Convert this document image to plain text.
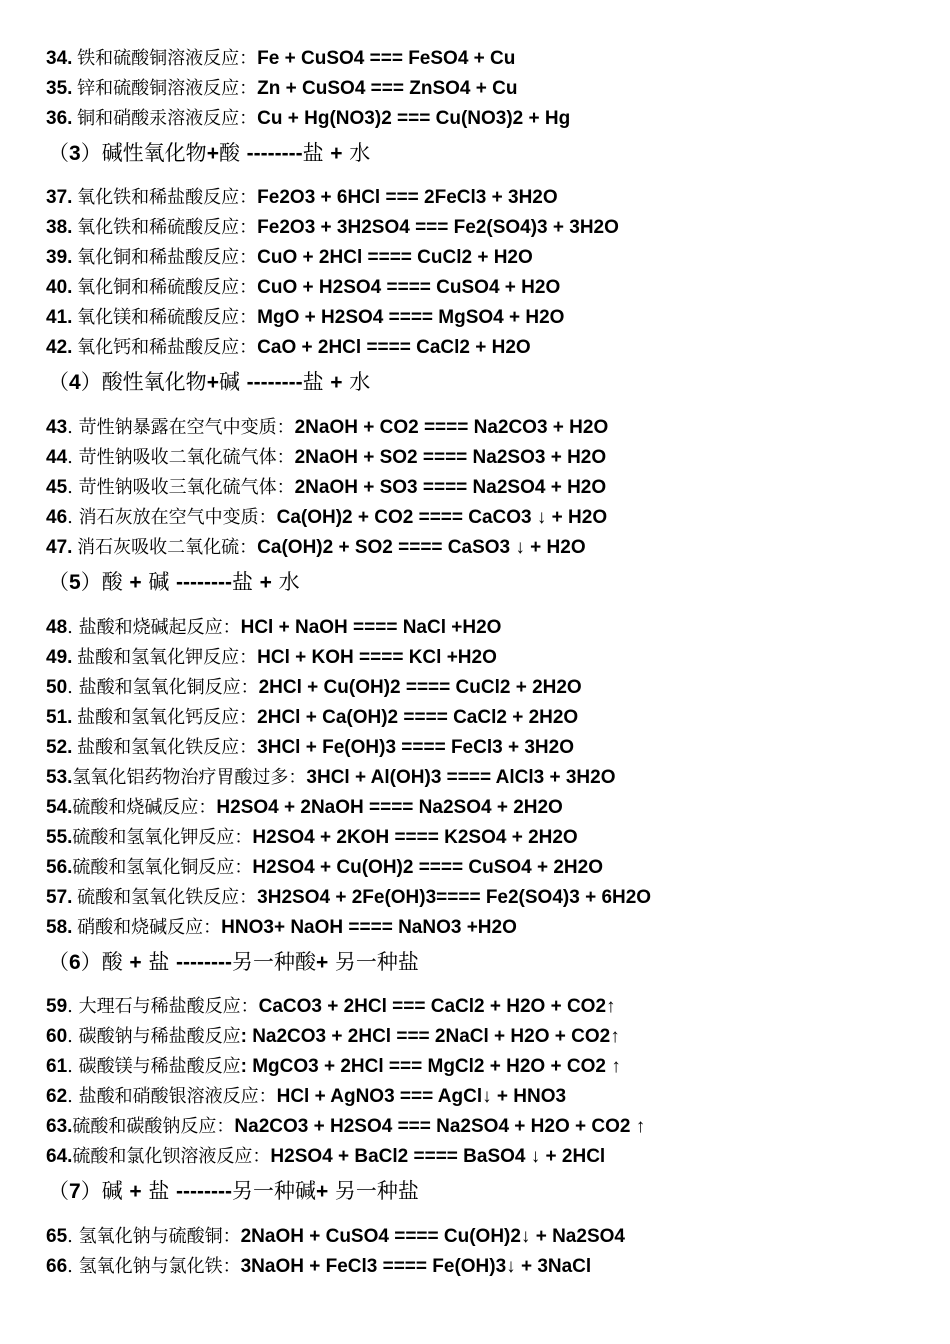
34. 铁和硫酸铜溶液反应：Fe + CuSO4 === FeSO4 + Cu
35. 锌和硫酸铜溶液反应：Zn + CuSO4 === ZnSO4 + Cu
36. 铜和硝酸汞溶液反应：Cu + Hg(NO3)2 === Cu(NO3)2 + Hg
（3）碱性氧化物+酸 --------盐 + 水
37. 氧化铁和稀盐酸反应：Fe2O3 + 6HCl === 2FeCl3 + 3H2O
38. 氧化铁和稀硫酸反应：Fe2O3 + 3H2SO4 === Fe2(SO4)3 + 3H2O
39. 氧化铜和稀盐酸反应：CuO + 2HCl ==== CuCl2 + H2O
40. 氧化铜和稀硫酸反应：CuO + H2SO4 ==== CuSO4 + H2O
41. 氧化镁和稀硫酸反应：MgO + H2SO4 ==== MgSO4 + H2O
42. 氧化钙和稀盐酸反应：CaO + 2HCl ==== CaCl2 + H2O
（4）酸性氧化物+碱 --------盐 + 水
43. 苛性钠暴露在空气中变质：2NaOH + CO2 ==== Na2CO3 + H2O
44. 苛性钠吸收二氧化硫气体：2NaOH + SO2 ==== Na2SO3 + H2O
45. 苛性钠吸收三氧化硫气体：2NaOH + SO3 ==== Na2SO4 + H2O
46. 消石灰放在空气中变质：Ca(OH)2 + CO2 ==== CaCO3 ↓ + H2O
47. 消石灰吸收二氧化硫：Ca(OH)2 + SO2 ==== CaSO3 ↓ + H2O
（5）酸 + 碱 --------盐 + 水
48. 盐酸和烧碱起反应：HCl + NaOH ==== NaCl +H2O
49. 盐酸和氢氧化钾反应：HCl + KOH ==== KCl +H2O
50. 盐酸和氢氧化铜反应：2HCl + Cu(OH)2 ==== CuCl2 + 2H2O
51. 盐酸和氢氧化钙反应：2HCl + Ca(OH)2 ==== CaCl2 + 2H2O
52. 盐酸和氢氧化铁反应：3HCl + Fe(OH)3 ==== FeCl3 + 3H2O
53.氢氧化铝药物治疗胃酸过多：3HCl + Al(OH)3 ==== AlCl3 + 3H2O
54.硫酸和烧碱反应：H2SO4 + 2NaOH ==== Na2SO4 + 2H2O
55.硫酸和氢氧化钾反应：H2SO4 + 2KOH ==== K2SO4 + 2H2O
56.硫酸和氢氧化铜反应：H2SO4 + Cu(OH)2 ==== CuSO4 + 2H2O
57. 硫酸和氢氧化铁反应：3H2SO4 + 2Fe(OH)3==== Fe2(SO4)3 + 6H2O
58. 硝酸和烧碱反应：HNO3+ NaOH ==== NaNO3 +H2O
（6）酸 + 盐 --------另一种酸+ 另一种盐
59. 大理石与稀盐酸反应：CaCO3 + 2HCl === CaCl2 + H2O + CO2↑
60. 碳酸钠与稀盐酸反应: Na2CO3 + 2HCl === 2NaCl + H2O + CO2↑
61. 碳酸镁与稀盐酸反应: MgCO3 + 2HCl === MgCl2 + H2O + CO2 ↑
62. 盐酸和硝酸银溶液反应：HCl + AgNO3 === AgCl↓ + HNO3
63.硫酸和碳酸钠反应：Na2CO3 + H2SO4 === Na2SO4 + H2O + CO2 ↑
64.硫酸和氯化钡溶液反应：H2SO4 + BaCl2 ==== BaSO4 ↓ + 2HCl
（7）碱 + 盐 --------另一种碱+ 另一种盐
65. 氢氧化钠与硫酸铜：2NaOH + CuSO4 ==== Cu(OH)2↓ + Na2SO4
66. 氢氧化钠与氯化铁：3NaOH + FeCl3 ==== Fe(OH)3↓ + 3NaCl
